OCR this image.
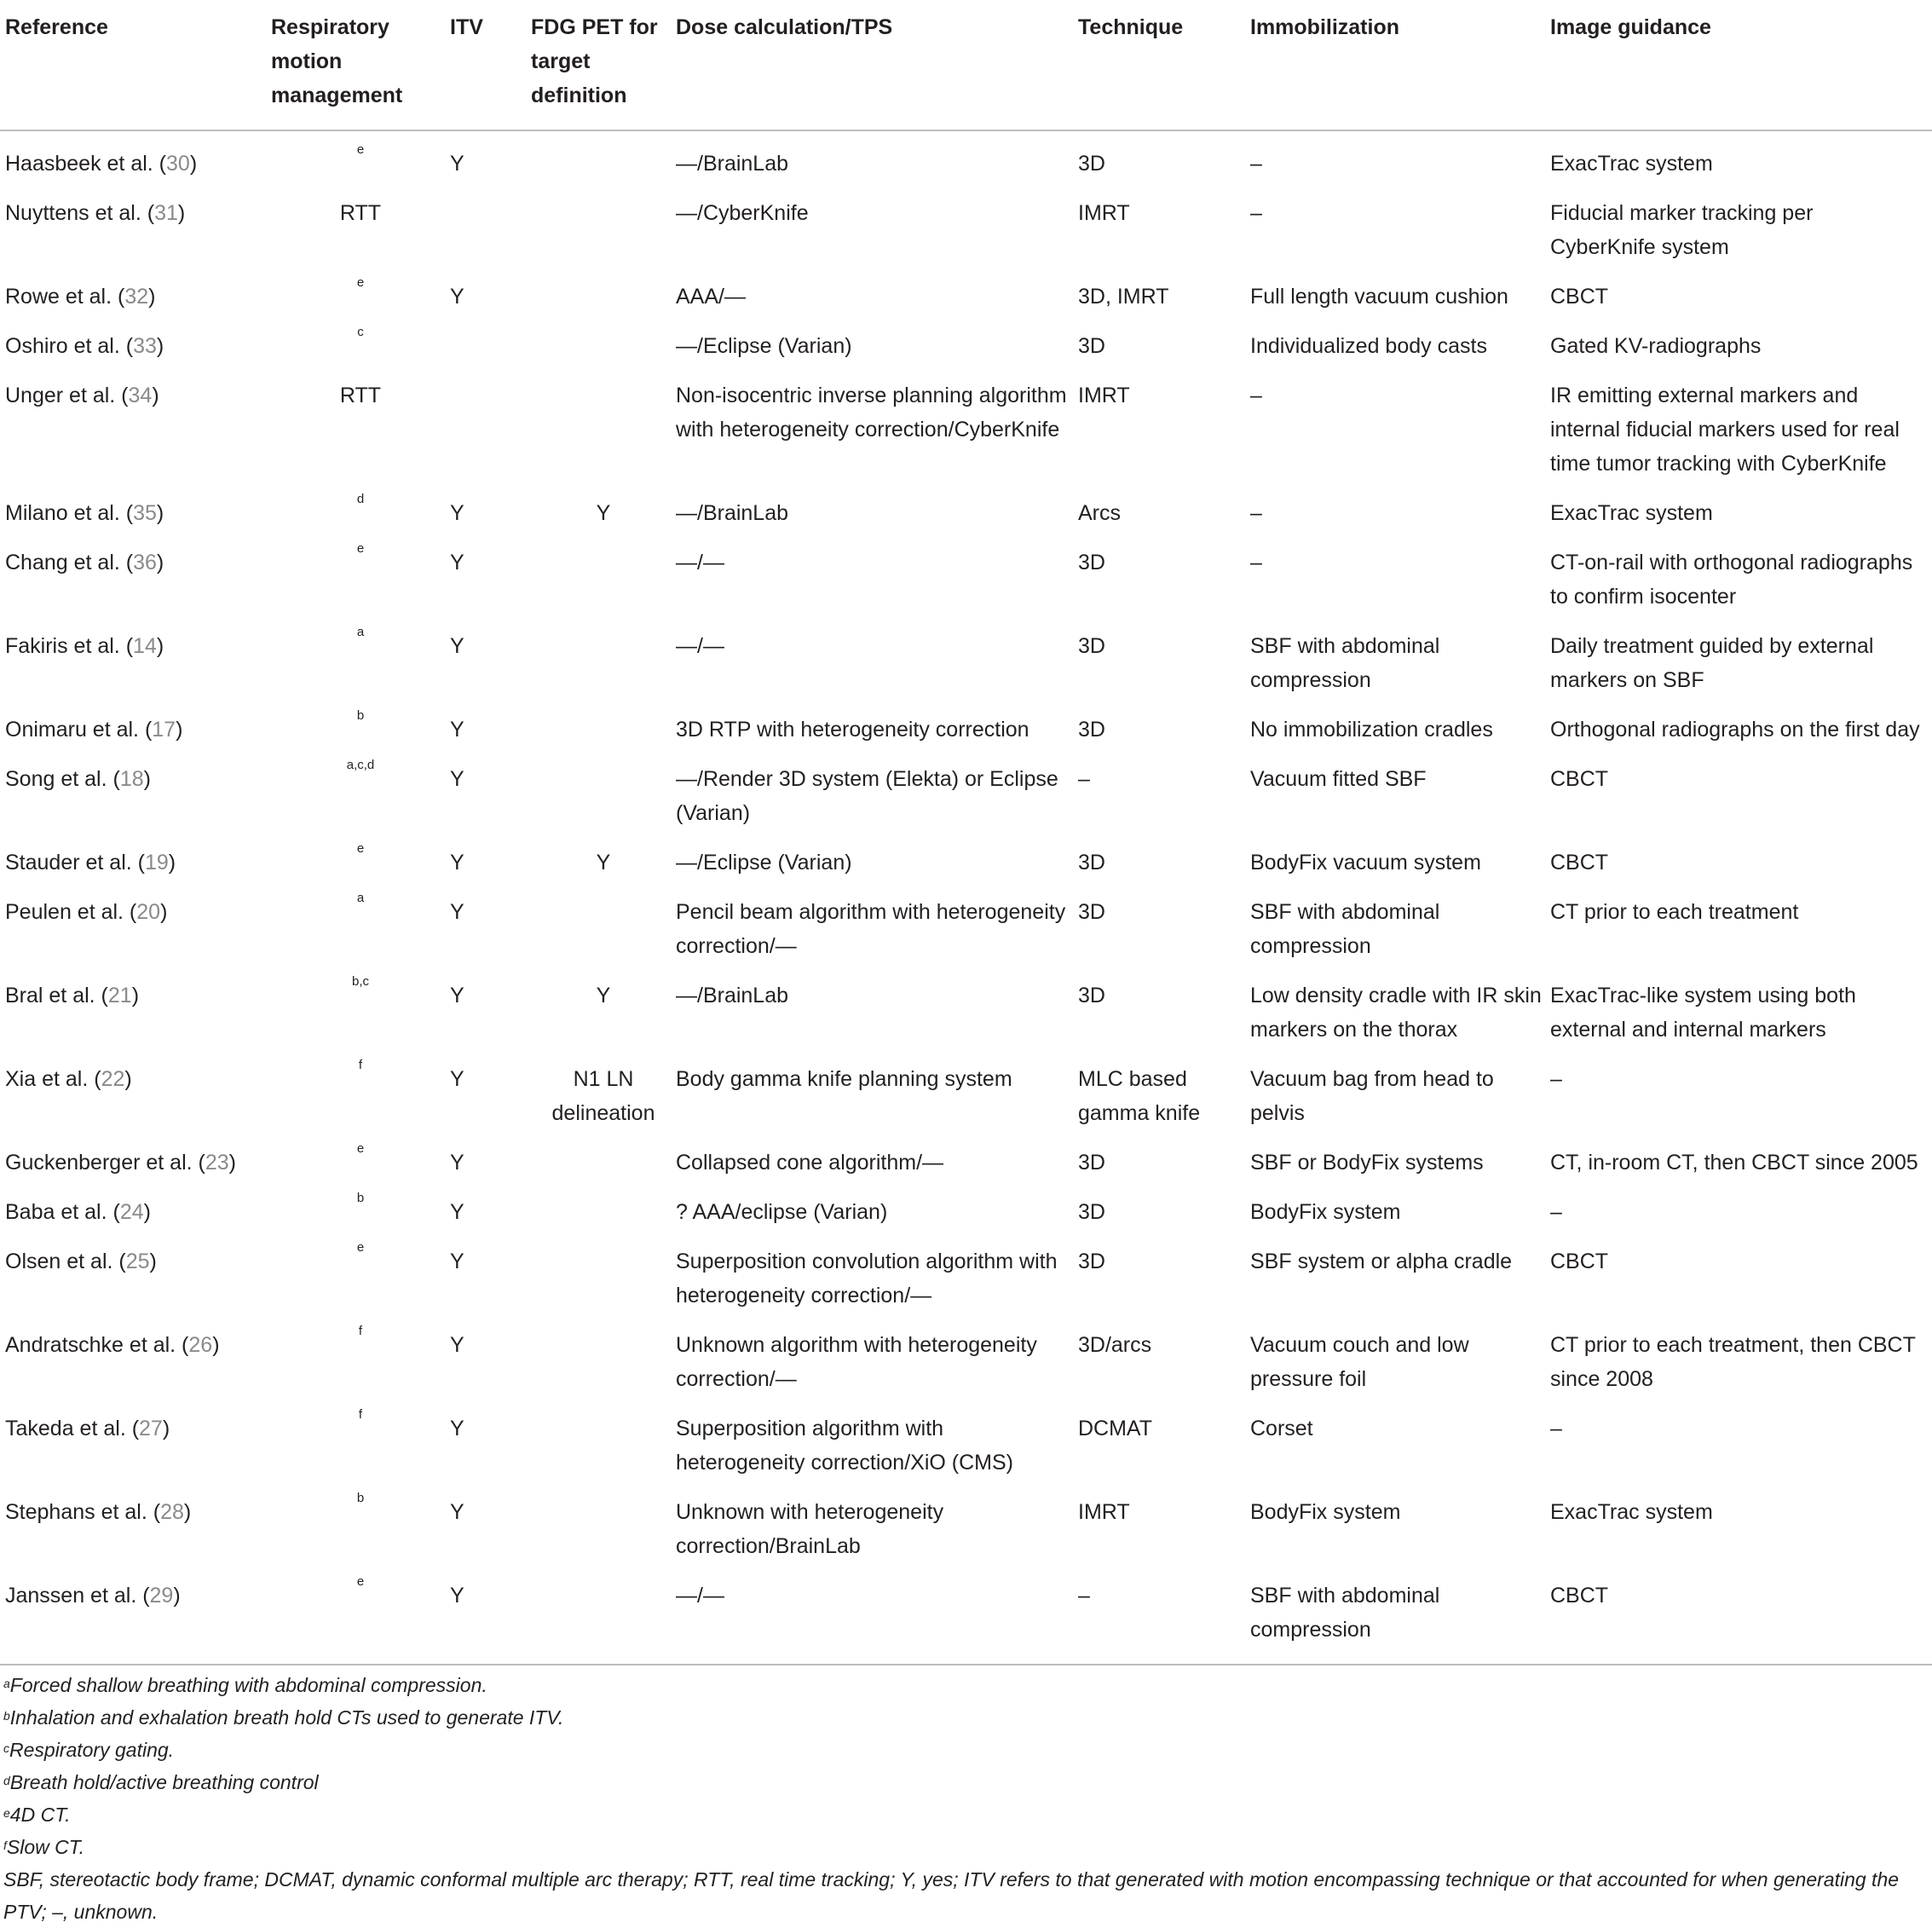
Reference	Respiratory motion management	ITV	FDG PET for target definition	Dose calculation/TPS	Technique	Immobilization	Image guidance
Haasbeek et al. (30)	$^e$	Y		—/BrainLab	3D	–	ExacTrac system
Nuyttens et al. (31)	RTT			—/CyberKnife	IMRT	–	Fiducial marker tracking per CyberKnife system
Rowe et al. (32)	$^e$	Y		AAA/—	3D, IMRT	Full length vacuum cushion	CBCT
Oshiro et al. (33)	$^c$			—/Eclipse (Varian)	3D	Individualized body casts	Gated KV-radiographs
Unger et al. (34)	RTT			Non-isocentric inverse planning algorithm with heterogeneity correction/CyberKnife	IMRT	–	IR emitting external markers and internal fiducial markers used for real time tumor tracking with CyberKnife
Milano et al. (35)	$^d$	Y	Y	—/BrainLab	Arcs	–	ExacTrac system
Chang et al. (36)	$^e$	Y		—/—	3D	–	CT-on-rail with orthogonal radiographs to confirm isocenter
Fakiris et al. (14)	$^a$	Y		—/—	3D	SBF with abdominal compression	Daily treatment guided by external markers on SBF
Onimaru et al. (17)	$^b$	Y		3D RTP with heterogeneity correction	3D	No immobilization cradles	Orthogonal radiographs on the first day
Song et al. (18)	$^{a,c,d}$	Y		—/Render 3D system (Elekta) or Eclipse (Varian)	–	Vacuum fitted SBF	CBCT
Stauder et al. (19)	$^e$	Y	Y	—/Eclipse (Varian)	3D	BodyFix vacuum system	CBCT
Peulen et al. (20)	$^a$	Y		Pencil beam algorithm with heterogeneity correction/—	3D	SBF with abdominal compression	CT prior to each treatment
Bral et al. (21)	$^{b,c}$	Y	Y	—/BrainLab	3D	Low density cradle with IR skin markers on the thorax	ExacTrac-like system using both external and internal markers
Xia et al. (22)	$^f$	Y	N1 LN delineation	Body gamma knife planning system	MLC based gamma knife	Vacuum bag from head to pelvis	–
Guckenberger et al. (23)	$^e$	Y		Collapsed cone algorithm/—	3D	SBF or BodyFix systems	CT, in-room CT, then CBCT since 2005
Baba et al. (24)	$^b$	Y		? AAA/eclipse (Varian)	3D	BodyFix system	–
Olsen et al. (25)	$^e$	Y		Superposition convolution algorithm with heterogeneity correction/—	3D	SBF system or alpha cradle	CBCT
Andratschke et al. (26)	$^f$	Y		Unknown algorithm with heterogeneity correction/—	3D/arcs	Vacuum couch and low pressure foil	CT prior to each treatment, then CBCT since 2008
Takeda et al. (27)	$^f$	Y		Superposition algorithm with heterogeneity correction/XiO (CMS)	DCMAT	Corset	–
Stephans et al. (28)	$^b$	Y		Unknown with heterogeneity correction/BrainLab	IMRT	BodyFix system	ExacTrac system
Janssen et al. (29)	$^e$	Y		—/—	–	SBF with abdominal compression	CBCT

$^a$Forced shallow breathing with abdominal compression.

$^b$Inhalation and exhalation breath hold CTs used to generate ITV.

$^c$Respiratory gating.

$^d$Breath hold/active breathing control

$^e$4D CT.

$^f$Slow CT.

SBF, stereotactic body frame; DCMAT, dynamic conformal multiple arc therapy; RTT, real time tracking; Y, yes; ITV refers to that generated with motion encompassing technique or that accounted for when generating the PTV; –, unknown.
